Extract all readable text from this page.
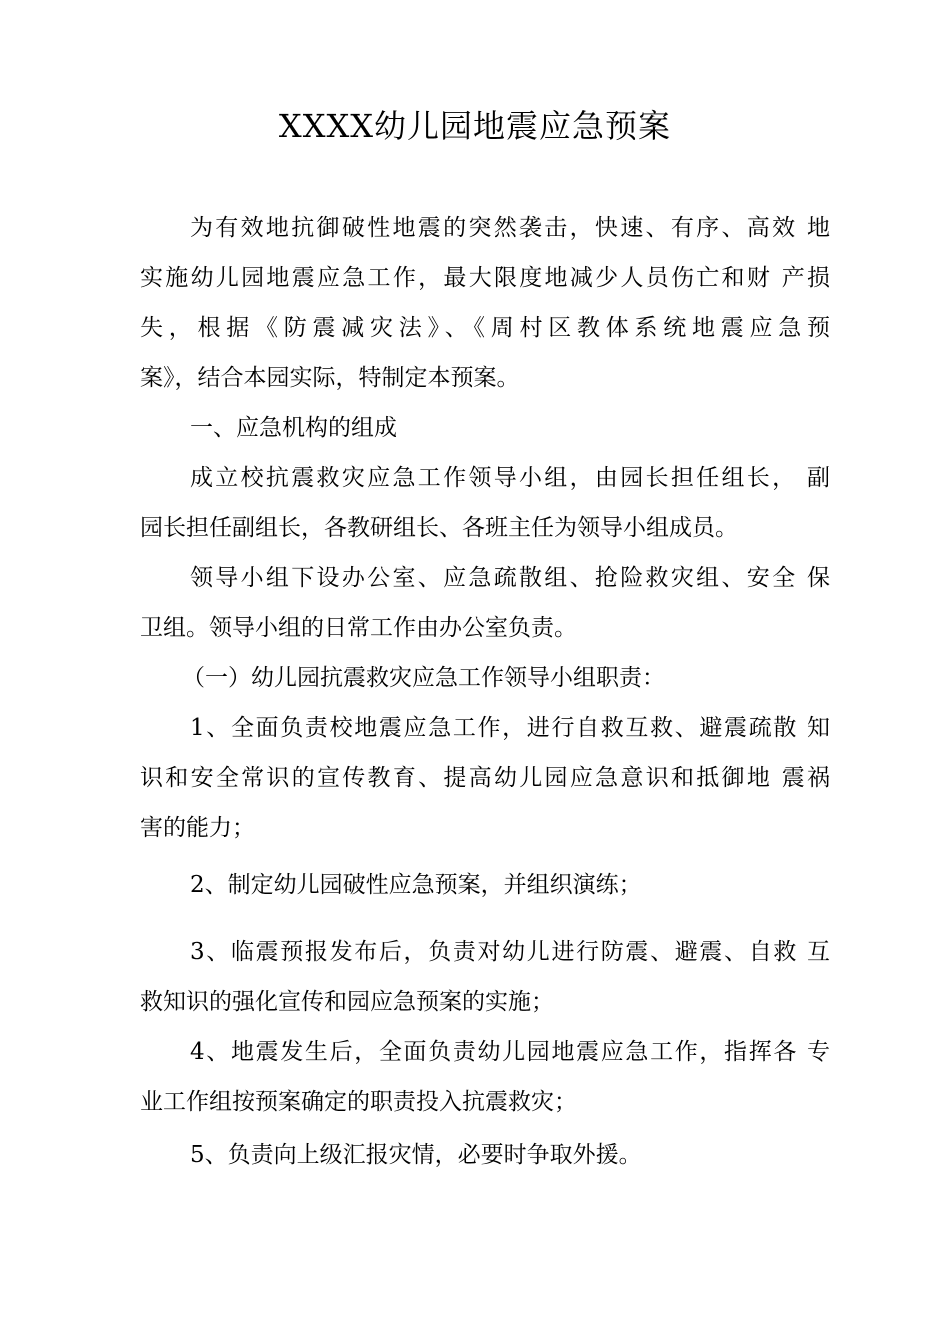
XXXX幼儿园地震应急预案
为有效地抗御破性地震的突然袭击，快速、有序、高效 地
实施幼儿园地震应急工作，最大限度地减少人员伤亡和财 产损
失，根据《防震减灾法》、《周村区教体系统地震应急预
案》，结合本园实际，特制定本预案。
一、应急机构的组成
成立校抗震救灾应急工作领导小组，由园长担任组长， 副
园长担任副组长，各教研组长、各班主任为领导小组成员。
领导小组下设办公室、应急疏散组、抢险救灾组、安全 保
卫组。领导小组的日常工作由办公室负责。
（一）幼儿园抗震救灾应急工作领导小组职责：
1、全面负责校地震应急工作，进行自救互救、避震疏散 知
识和安全常识的宣传教育、提高幼儿园应急意识和抵御地 震祸
害的能力；
2、制定幼儿园破性应急预案，并组织演练；
3、临震预报发布后，负责对幼儿进行防震、避震、自救 互
救知识的强化宣传和园应急预案的实施；
4、地震发生后，全面负责幼儿园地震应急工作，指挥各 专
业工作组按预案确定的职责投入抗震救灾；
5、负责向上级汇报灾情，必要时争取外援。
